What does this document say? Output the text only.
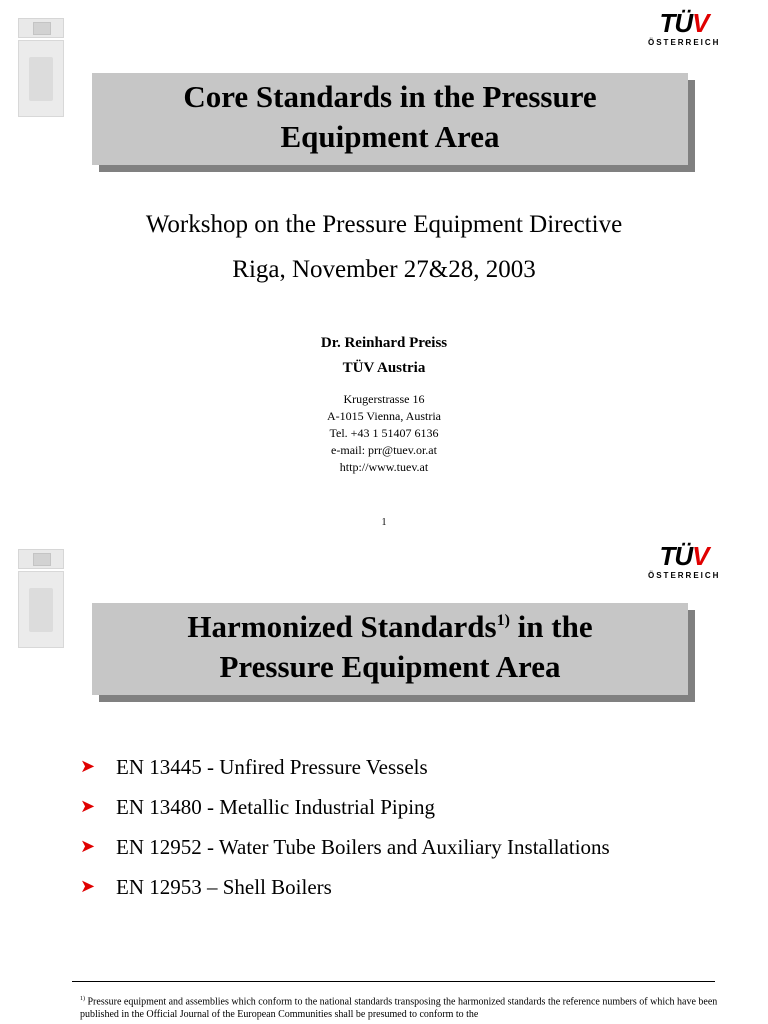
TÜV
ÖSTERREICH
Core Standards in the Pressure
Equipment Area
Workshop on the Pressure Equipment Directive
Riga, November 27&28, 2003
Dr. Reinhard Preiss
TÜV Austria
Krugerstrasse 16
A-1015 Vienna, Austria
Tel. +43 1 51407 6136
e-mail: prr@tuev.or.at
http://www.tuev.at
1
TÜV
ÖSTERREICH
Harmonized Standards$^{1)}$ in the
Pressure Equipment Area
➤ EN 13445 - Unfired Pressure Vessels
➤ EN 13480 - Metallic Industrial Piping
➤ EN 12952 - Water Tube Boilers and Auxiliary Installations
➤ EN 12953 – Shell Boilers
$^{1)}$ Pressure equipment and assemblies which conform to the national standards transposing the harmonized standards the reference numbers of which have been published in the Official Journal of the European Communities shall be presumed to conform to the
